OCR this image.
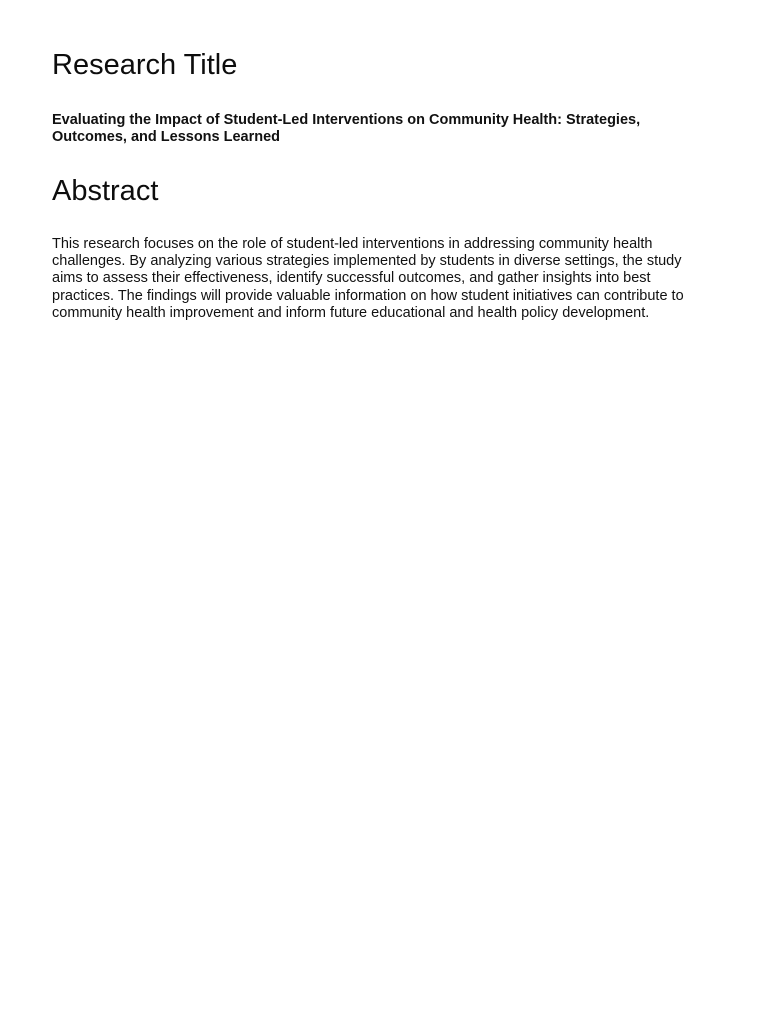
Research Title

Evaluating the Impact of Student-Led Interventions on Community Health: Strategies, Outcomes, and Lessons Learned

Abstract

This research focuses on the role of student-led interventions in addressing community health challenges. By analyzing various strategies implemented by students in diverse settings, the study aims to assess their effectiveness, identify successful outcomes, and gather insights into best practices. The findings will provide valuable information on how student initiatives can contribute to community health improvement and inform future educational and health policy development.
